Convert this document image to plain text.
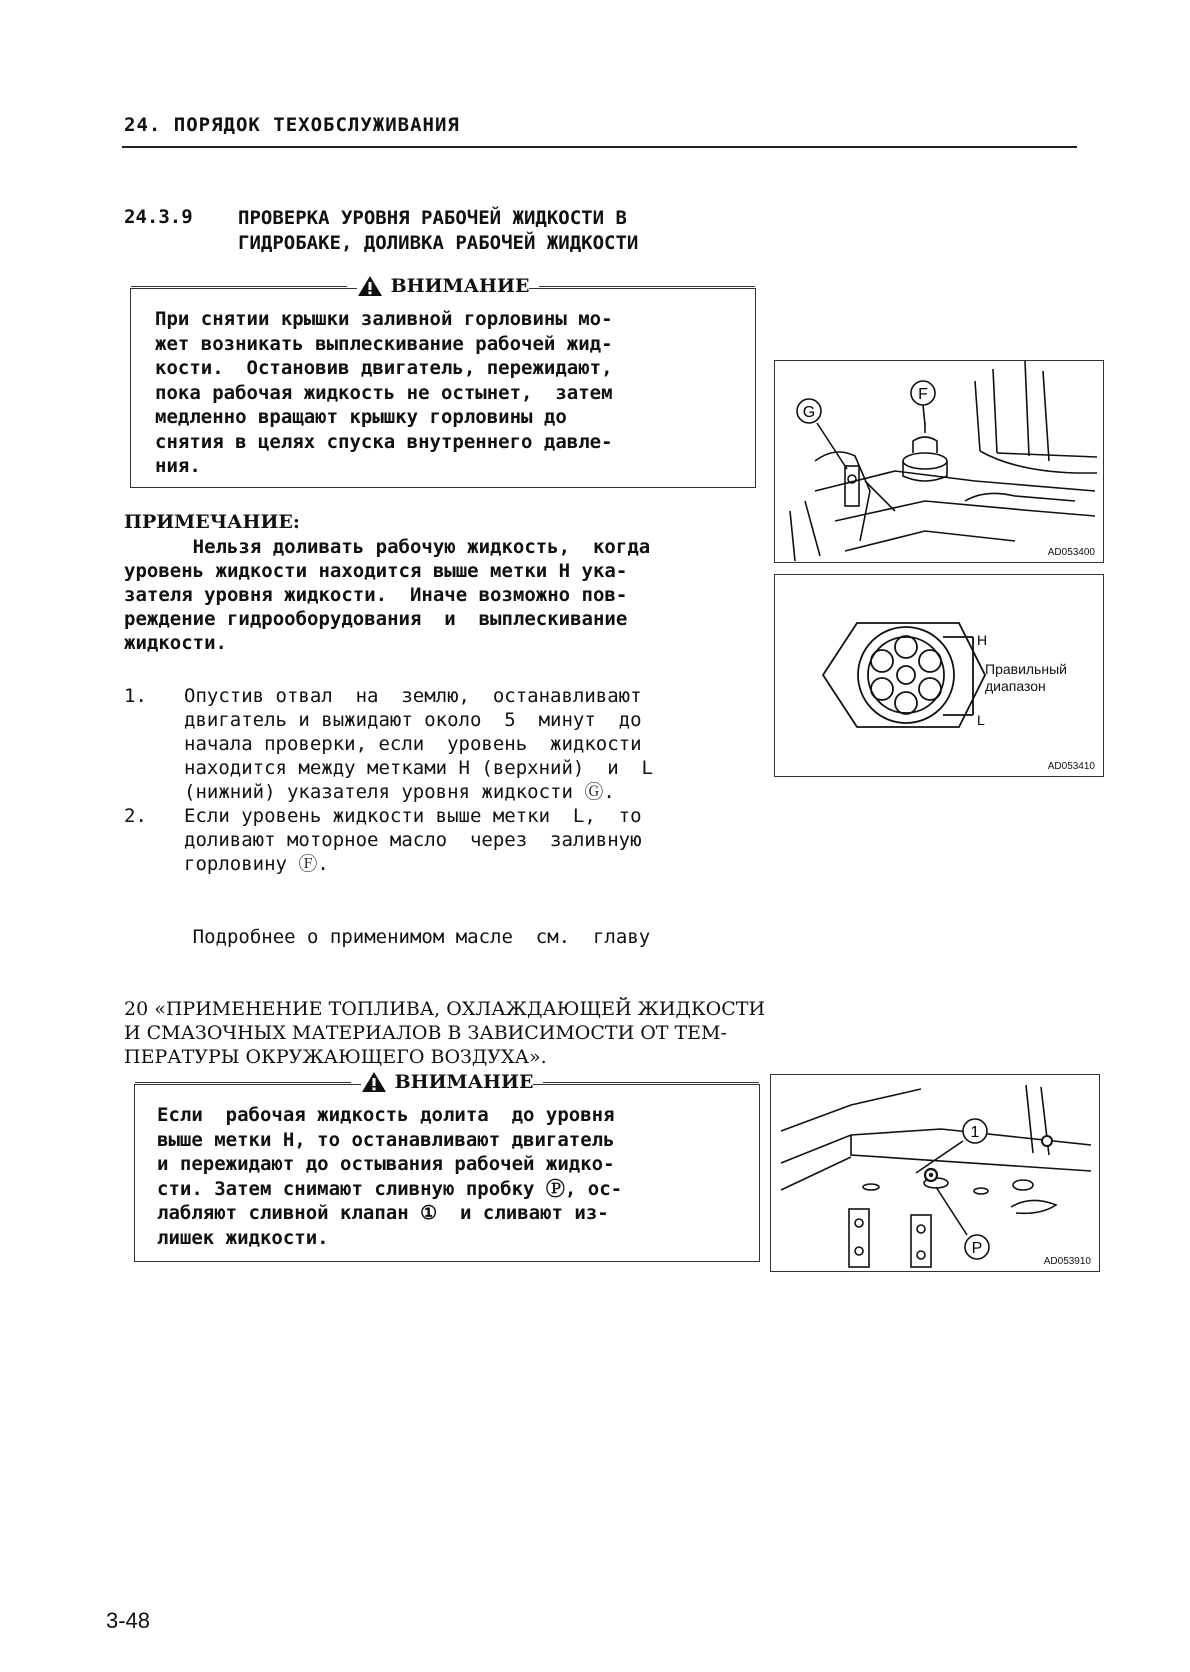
24. ПОРЯДОК ТЕХОБСЛУЖИВАНИЯ
24.3.9 ПРОВЕРКА УРОВНЯ РАБОЧЕЙ ЖИДКОСТИ В
ГИДРОБАКЕ, ДОЛИВКА РАБОЧЕЙ ЖИДКОСТИ
ВНИМАНИЕ
При снятии крышки заливной горловины мо-
жет возникать выплескивание рабочей жид-
кости.  Остановив двигатель, пережидают,
пока рабочая жидкость не остынет,  затем
медленно вращают крышку горловины до
снятия в целях спуска внутреннего давле-
ния.
ПРИМЕЧАНИЕ:
Нельзя доливать рабочую жидкость,  когда
уровень жидкости находится выше метки H ука-
зателя уровня жидкости.  Иначе возможно пов-
реждение гидрооборудования  и  выплескивание
жидкости.
1. Опустив отвал  на  землю,  останавливают
двигатель и выжидают около  5  минут  до
начала проверки, если  уровень  жидкости
находится между метками H (верхний)  и  L
(нижний) указателя уровня жидкости Ⓖ.
2. Если уровень жидкости выше метки  L,  то
доливают моторное масло  через  заливную
горловину Ⓕ.

Подробнее о применимом масле  см.  главу

20 «ПРИМЕНЕНИЕ ТОПЛИВА, ОХЛАЖДАЮЩЕЙ ЖИДКОСТИ
И СМАЗОЧНЫХ МАТЕРИАЛОВ В ЗАВИСИМОСТИ ОТ ТЕМ-
ПЕРАТУРЫ ОКРУЖАЮЩЕГО ВОЗДУХА».

F
G
AD053400
H
L
Правильный
диапазон
AD053410
ВНИМАНИЕ
Если  рабочая жидкость долита  до уровня
выше метки H, то останавливают двигатель
и пережидают до остывания рабочей жидко-
сти. Затем снимают сливную пробку Ⓟ, ос-
лабляют сливной клапан ①  и сливают из-
лишек жидкости.
1
P
AD053910
3-48
